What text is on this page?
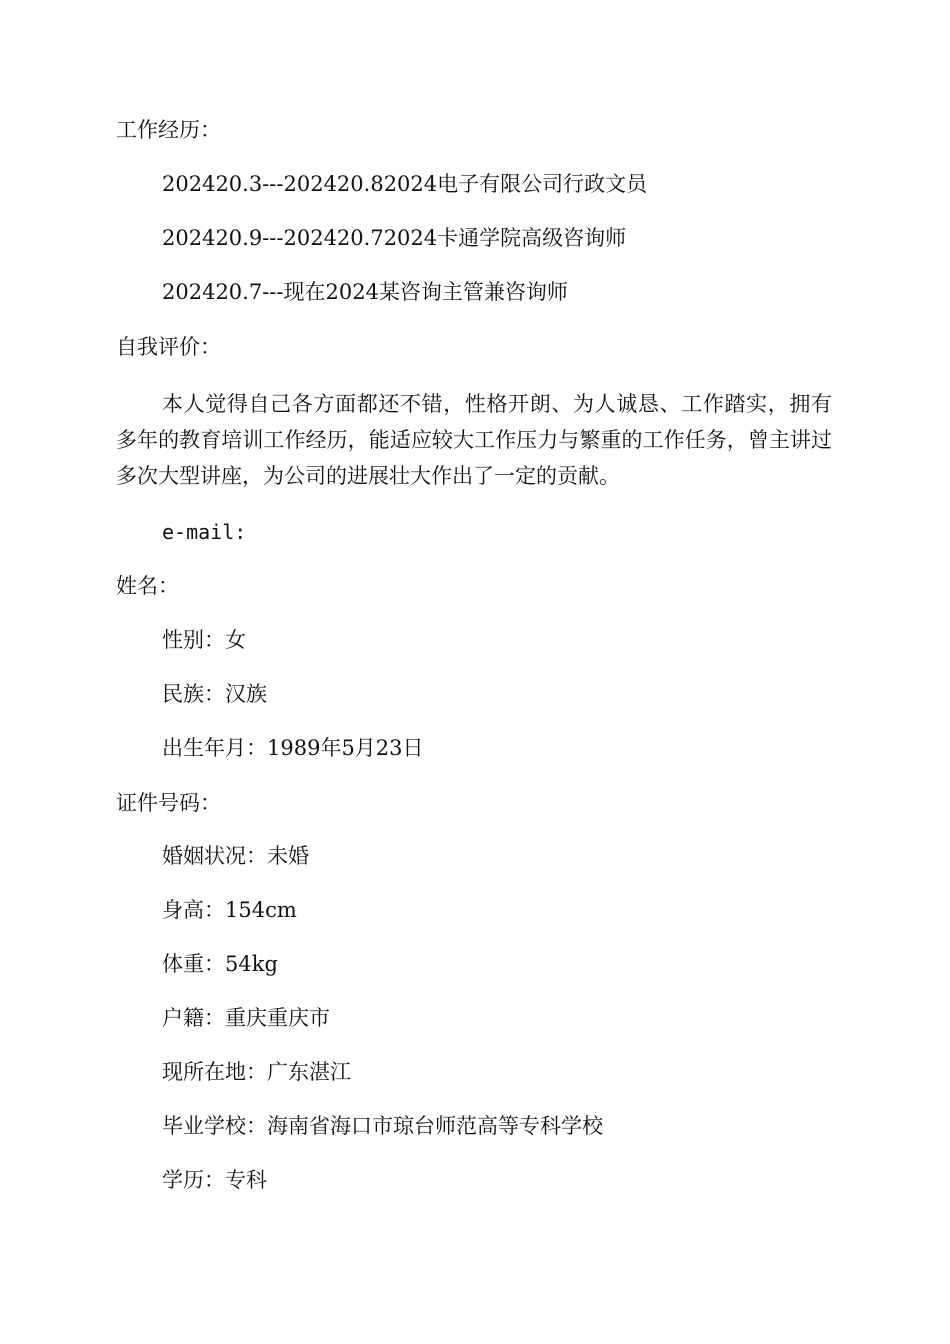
工作经历：
202420.3---202420.82024电子有限公司行政文员
202420.9---202420.72024卡通学院高级咨询师
202420.7---现在2024某咨询主管兼咨询师
自我评价：
本人觉得自己各方面都还不错，性格开朗、为人诚恳、工作踏实，拥有多年的教育培训工作经历，能适应较大工作压力与繁重的工作任务，曾主讲过多次大型讲座，为公司的进展壮大作出了一定的贡献。
e-mail:
姓名：
性别：女
民族：汉族
出生年月：1989年5月23日
证件号码：
婚姻状况：未婚
身高：154cm
体重：54kg
户籍：重庆重庆市
现所在地：广东湛江
毕业学校：海南省海口市琼台师范高等专科学校
学历：专科
